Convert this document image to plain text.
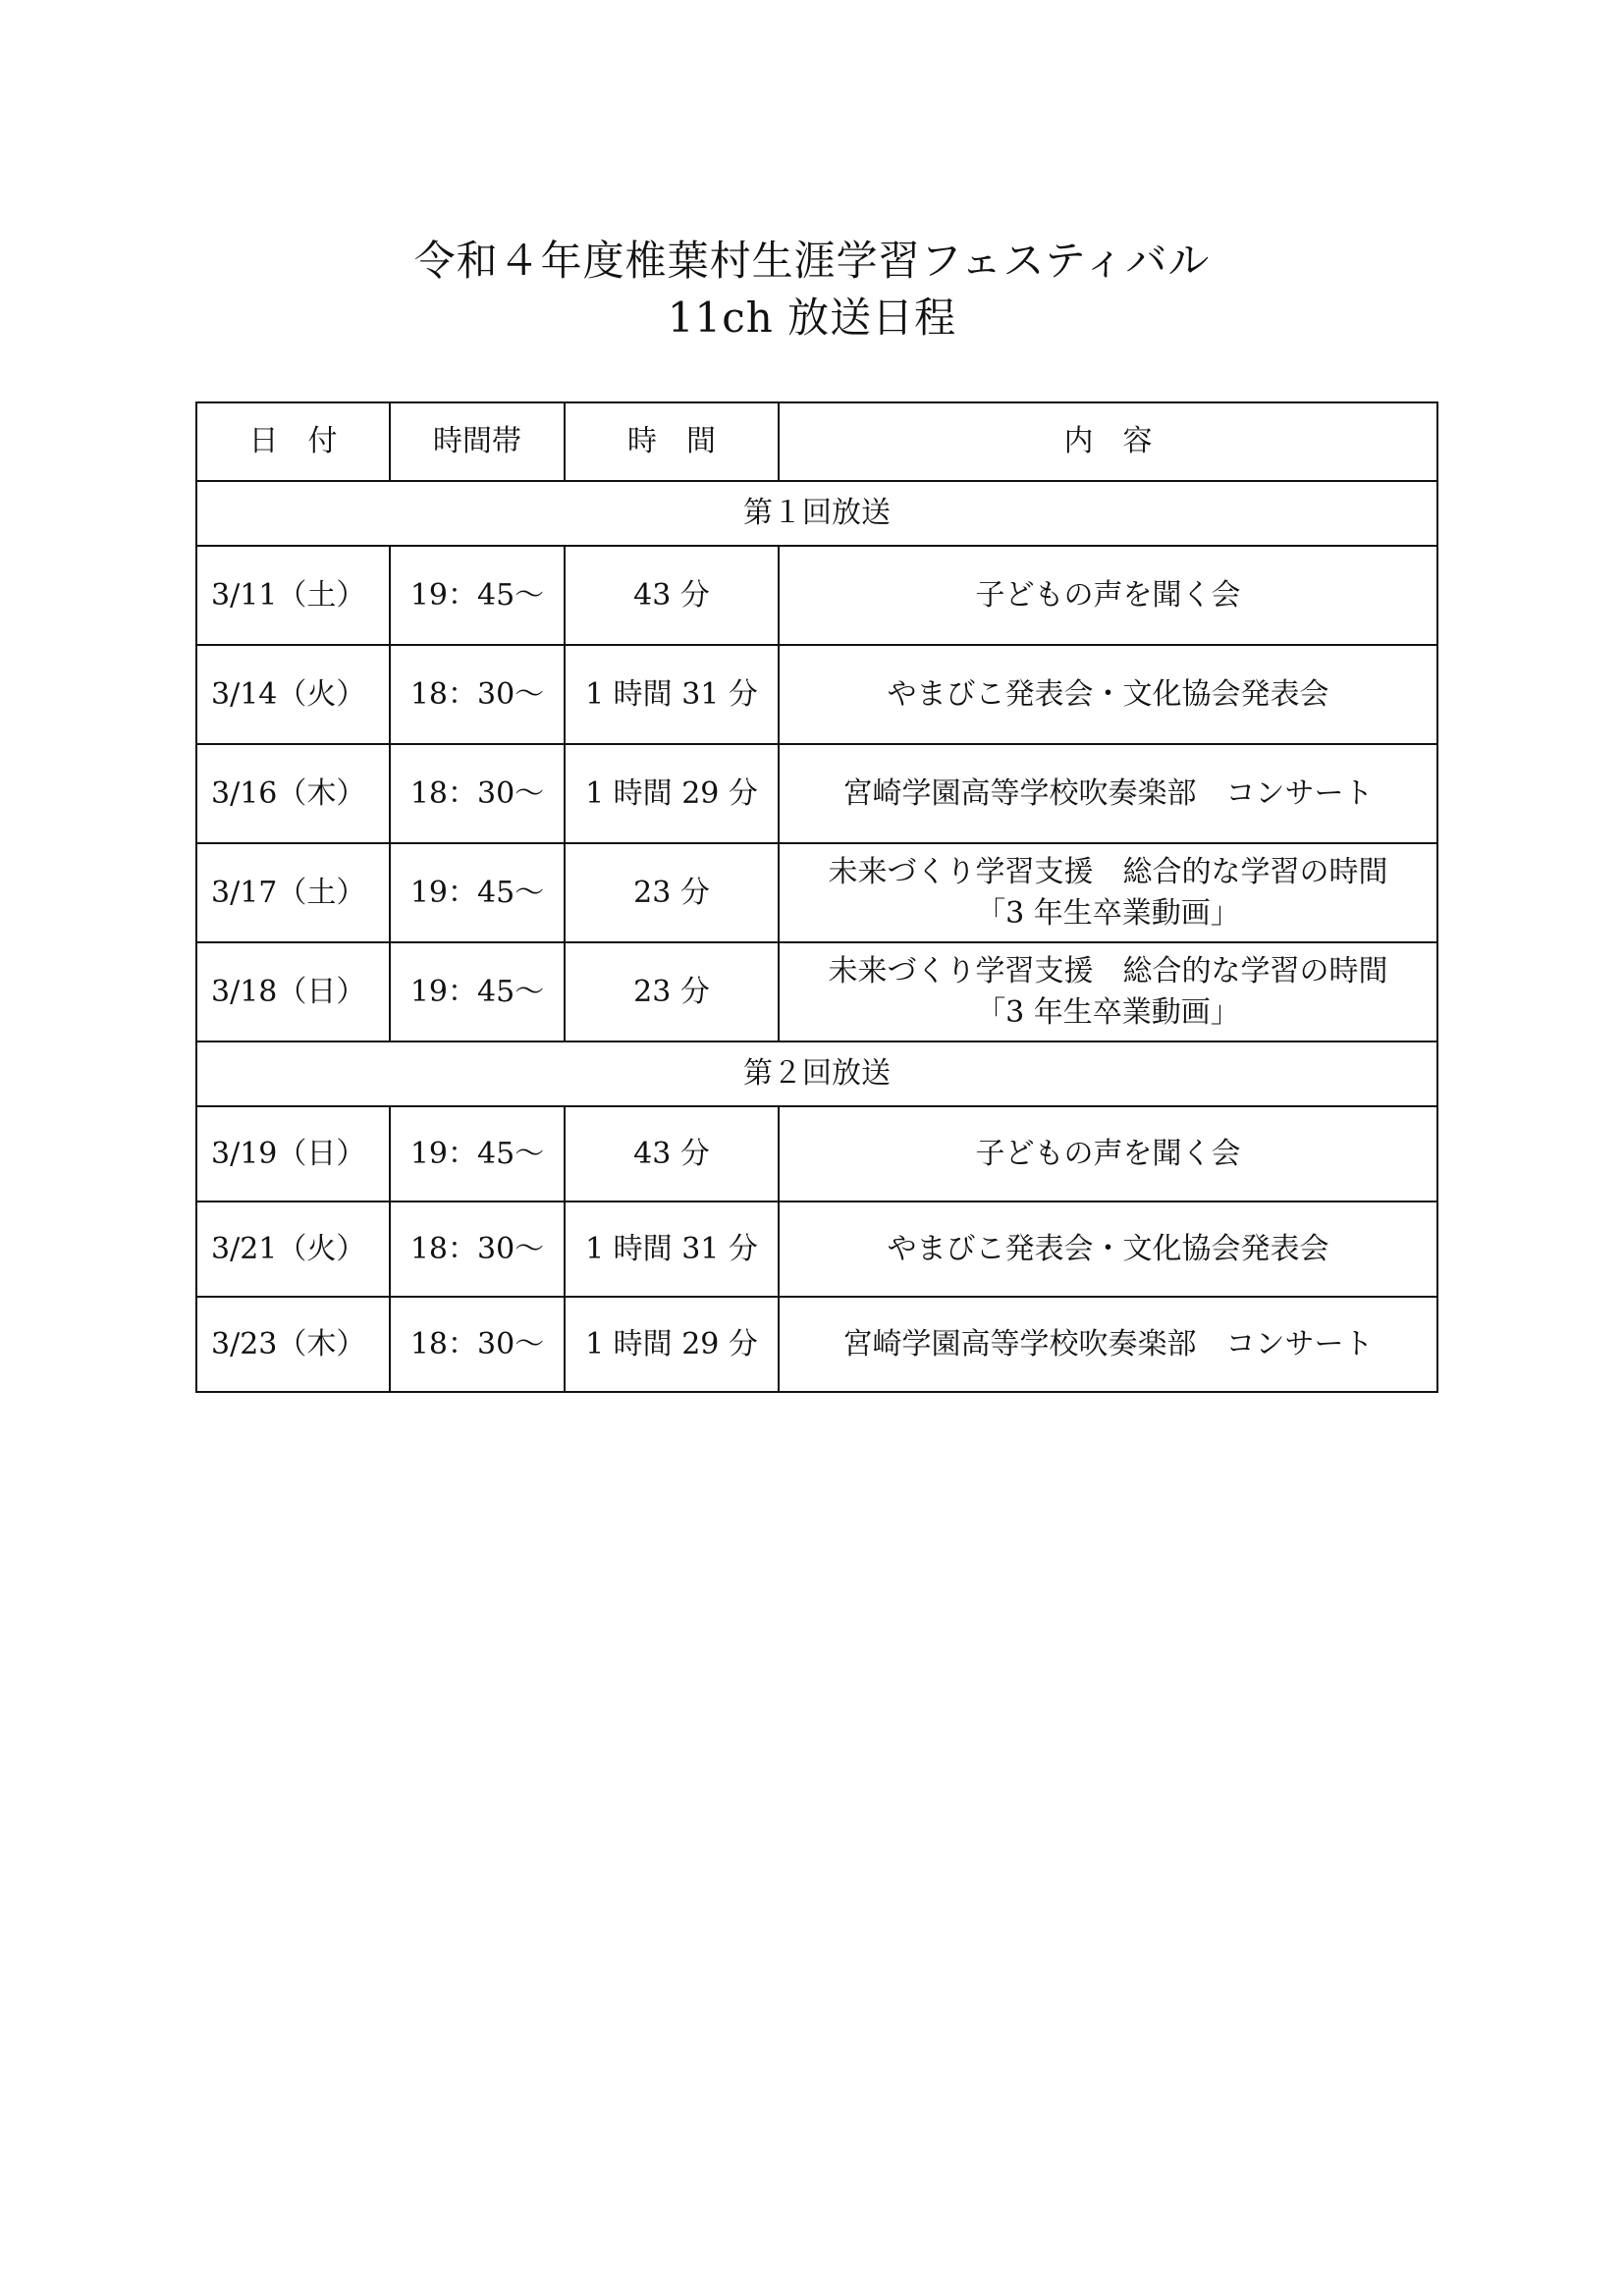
令和４年度椎葉村生涯学習フェスティバル
11ch 放送日程
日　付	時間帯	時　間	内　容
第１回放送			
3/11（土）	19：45～	43 分	子どもの声を聞く会

3/14（火）	18：30～	1 時間 31 分	やまびこ発表会・文化協会発表会

3/16（木）	18：30～	1 時間 29 分	宮崎学園高等学校吹奏楽部　コンサート

3/17（土）	19：45～	23 分	未来づくり学習支援　総合的な学習の時間
「3 年生卒業動画」

3/18（日）	19：45～	23 分	未来づくり学習支援　総合的な学習の時間
「3 年生卒業動画」

第２回放送			
3/19（日）	19：45～	43 分	子どもの声を聞く会

3/21（火）	18：30～	1 時間 31 分	やまびこ発表会・文化協会発表会

3/23（木）	18：30～	1 時間 29 分	宮崎学園高等学校吹奏楽部　コンサート
